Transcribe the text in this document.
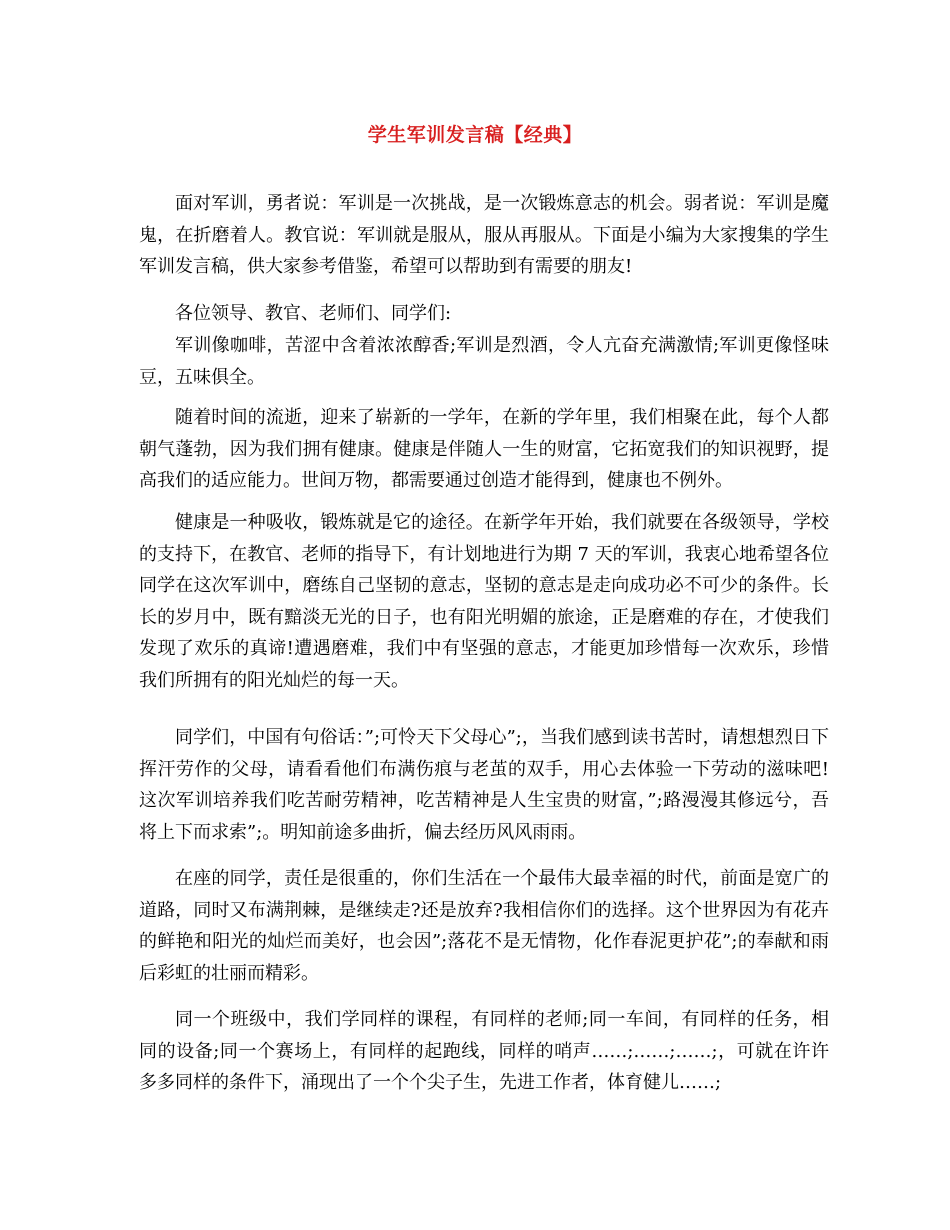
学生军训发言稿【经典】

面对军训，勇者说：军训是一次挑战，是一次锻炼意志的机会。弱者说：军训是魔鬼，在折磨着人。教官说：军训就是服从，服从再服从。下面是小编为大家搜集的学生军训发言稿，供大家参考借鉴，希望可以帮助到有需要的朋友!

各位领导、教官、老师们、同学们:

军训像咖啡，苦涩中含着浓浓醇香;军训是烈酒，令人亢奋充满激情;军训更像怪味豆，五味俱全。

随着时间的流逝，迎来了崭新的一学年，在新的学年里，我们相聚在此，每个人都朝气蓬勃，因为我们拥有健康。健康是伴随人一生的财富，它拓宽我们的知识视野，提高我们的适应能力。世间万物，都需要通过创造才能得到，健康也不例外。

健康是一种吸收，锻炼就是它的途径。在新学年开始，我们就要在各级领导，学校的支持下，在教官、老师的指导下，有计划地进行为期 7 天的军训，我衷心地希望各位同学在这次军训中，磨练自己坚韧的意志，坚韧的意志是走向成功必不可少的条件。长长的岁月中，既有黯淡无光的日子，也有阳光明媚的旅途，正是磨难的存在，才使我们发现了欢乐的真谛!遭遇磨难，我们中有坚强的意志，才能更加珍惜每一次欢乐，珍惜我们所拥有的阳光灿烂的每一天。

同学们，中国有句俗话：”;可怜天下父母心”;，当我们感到读书苦时，请想想烈日下挥汗劳作的父母，请看看他们布满伤痕与老茧的双手，用心去体验一下劳动的滋味吧!这次军训培养我们吃苦耐劳精神，吃苦精神是人生宝贵的财富，”;路漫漫其修远兮，吾将上下而求索”;。明知前途多曲折，偏去经历风风雨雨。

在座的同学，责任是很重的，你们生活在一个最伟大最幸福的时代，前面是宽广的道路，同时又布满荆棘，是继续走?还是放弃?我相信你们的选择。这个世界因为有花卉的鲜艳和阳光的灿烂而美好，也会因”;落花不是无情物，化作春泥更护花”;的奉献和雨后彩虹的壮丽而精彩。

同一个班级中，我们学同样的课程，有同样的老师;同一车间，有同样的任务，相同的设备;同一个赛场上，有同样的起跑线，同样的哨声……;……;……;，可就在许许多多同样的条件下，涌现出了一个个尖子生，先进工作者，体育健儿……;
